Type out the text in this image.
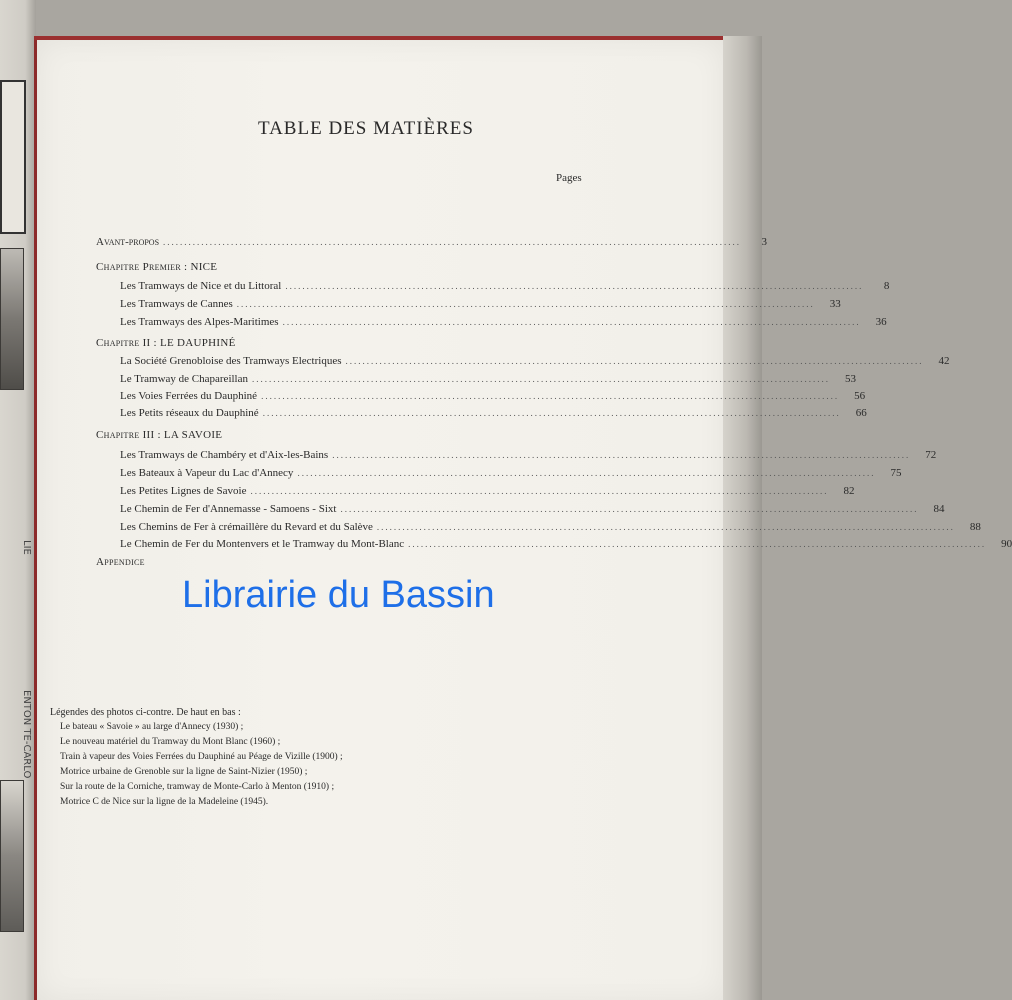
LIE
ENTON TE-CARLO
TABLE DES MATIÈRES
Pages
Avant-propos ........................................................................................................................................	3
Chapitre Premier : NICE
Les Tramways de Nice et du Littoral ........................................................................................................................................	8
Les Tramways de Cannes ........................................................................................................................................	33
Les Tramways des Alpes-Maritimes ........................................................................................................................................	36
Chapitre II : LE DAUPHINÉ
La Société Grenobloise des Tramways Electriques ........................................................................................................................................	42
Le Tramway de Chapareillan ........................................................................................................................................	53
Les Voies Ferrées du Dauphiné ........................................................................................................................................	56
Les Petits réseaux du Dauphiné ........................................................................................................................................	66
Chapitre III : LA SAVOIE
Les Tramways de Chambéry et d'Aix-les-Bains ........................................................................................................................................	72
Les Bateaux à Vapeur du Lac d'Annecy ........................................................................................................................................	75
Les Petites Lignes de Savoie ........................................................................................................................................	82
Le Chemin de Fer d'Annemasse - Samoens - Sixt ........................................................................................................................................	84
Les Chemins de Fer à crémaillère du Revard et du Salève ........................................................................................................................................	88
Le Chemin de Fer du Montenvers et le Tramway du Mont-Blanc ........................................................................................................................................	90
Appendice
Librairie du Bassin
Légendes des photos ci-contre. De haut en bas :
Le bateau « Savoie » au large d'Annecy (1930) ;
Le nouveau matériel du Tramway du Mont Blanc (1960) ;
Train à vapeur des Voies Ferrées du Dauphiné au Péage de Vizille (1900) ;
Motrice urbaine de Grenoble sur la ligne de Saint-Nizier (1950) ;
Sur la route de la Corniche, tramway de Monte-Carlo à Menton (1910) ;
Motrice C de Nice sur la ligne de la Madeleine (1945).
